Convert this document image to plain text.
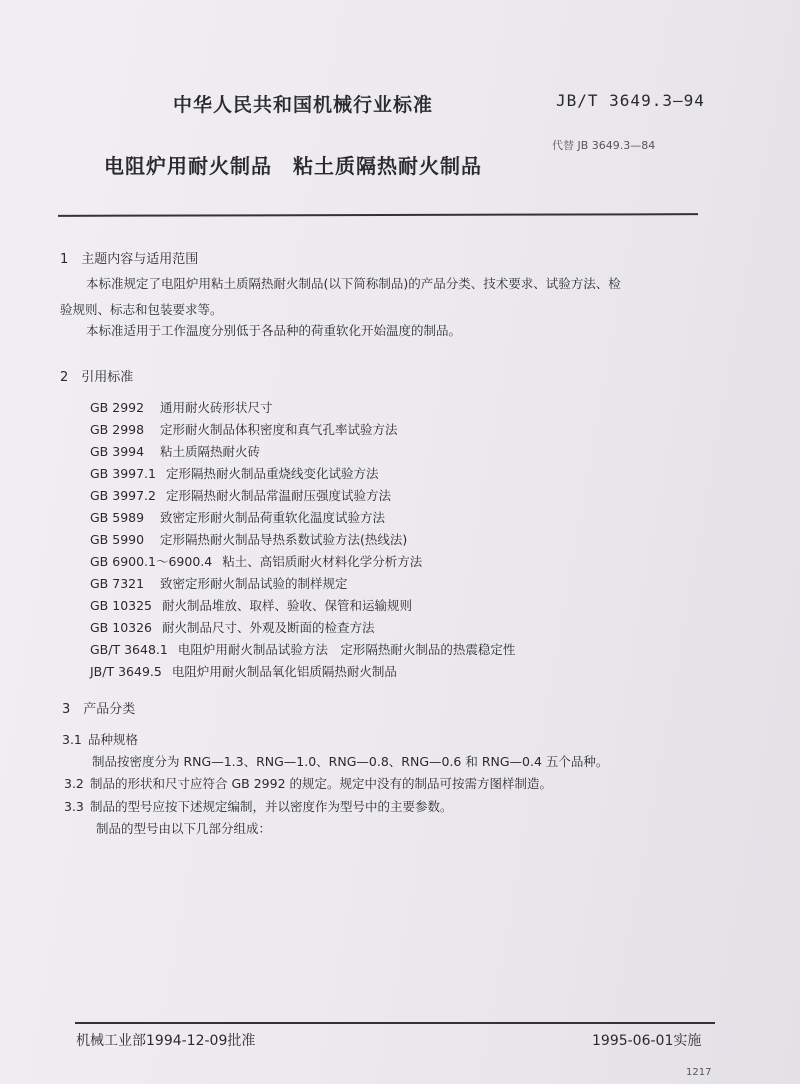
中华人民共和国机械行业标准	JB/T 3649.3—94
代替 JB 3649.3—84
电阻炉用耐火制品　粘土质隔热耐火制品
1　主题内容与适用范围
本标准规定了电阻炉用粘土质隔热耐火制品(以下简称制品)的产品分类、技术要求、试验方法、检
验规则、标志和包装要求等。
本标准适用于工作温度分别低于各品种的荷重软化开始温度的制品。
2　引用标准
GB 2992 通用耐火砖形状尺寸
GB 2998 定形耐火制品体积密度和真气孔率试验方法
GB 3994 粘土质隔热耐火砖
GB 3997.1 定形隔热耐火制品重烧线变化试验方法
GB 3997.2 定形隔热耐火制品常温耐压强度试验方法
GB 5989 致密定形耐火制品荷重软化温度试验方法
GB 5990 定形隔热耐火制品导热系数试验方法(热线法)
GB 6900.1～6900.4 粘土、高铝质耐火材料化学分析方法
GB 7321 致密定形耐火制品试验的制样规定
GB 10325 耐火制品堆放、取样、验收、保管和运输规则
GB 10326 耐火制品尺寸、外观及断面的检查方法
GB/T 3648.1 电阻炉用耐火制品试验方法　定形隔热耐火制品的热震稳定性
JB/T 3649.5 电阻炉用耐火制品氧化铝质隔热耐火制品
3　产品分类
3.1 品种规格
制品按密度分为 RNG—1.3、RNG—1.0、RNG—0.8、RNG—0.6 和 RNG—0.4 五个品种。
3.2 制品的形状和尺寸应符合 GB 2992 的规定。规定中没有的制品可按需方图样制造。
3.3 制品的型号应按下述规定编制，并以密度作为型号中的主要参数。
制品的型号由以下几部分组成：
机械工业部1994-12-09批准	1995-06-01实施
1217
